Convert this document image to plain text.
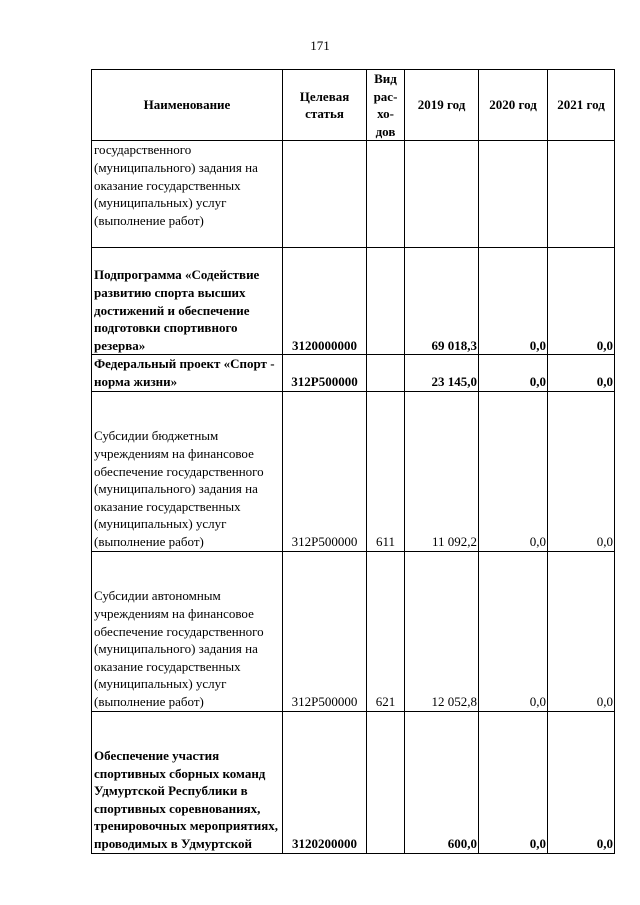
171
Наименование	Целевая статья	Вид рас- хо- дов	2019 год	2020 год	2021 год
государственного (муниципального) задания на оказание государственных (муниципальных) услуг (выполнение работ)					
Подпрограмма «Содействие развитию спорта высших достижений и обеспечение подготовки спортивного резерва»	3120000000		69 018,3	0,0	0,0
Федеральный проект «Спорт - норма жизни»	312P500000		23 145,0	0,0	0,0
Субсидии бюджетным учреждениям на финансовое обеспечение государственного (муниципального) задания на оказание государственных (муниципальных) услуг (выполнение работ)	312P500000	611	11 092,2	0,0	0,0
Субсидии автономным учреждениям на финансовое обеспечение государственного (муниципального) задания на оказание государственных (муниципальных) услуг (выполнение работ)	312P500000	621	12 052,8	0,0	0,0
Обеспечение участия спортивных сборных команд Удмуртской Республики в спортивных соревнованиях, тренировочных мероприятиях, проводимых в Удмуртской	3120200000		600,0	0,0	0,0
